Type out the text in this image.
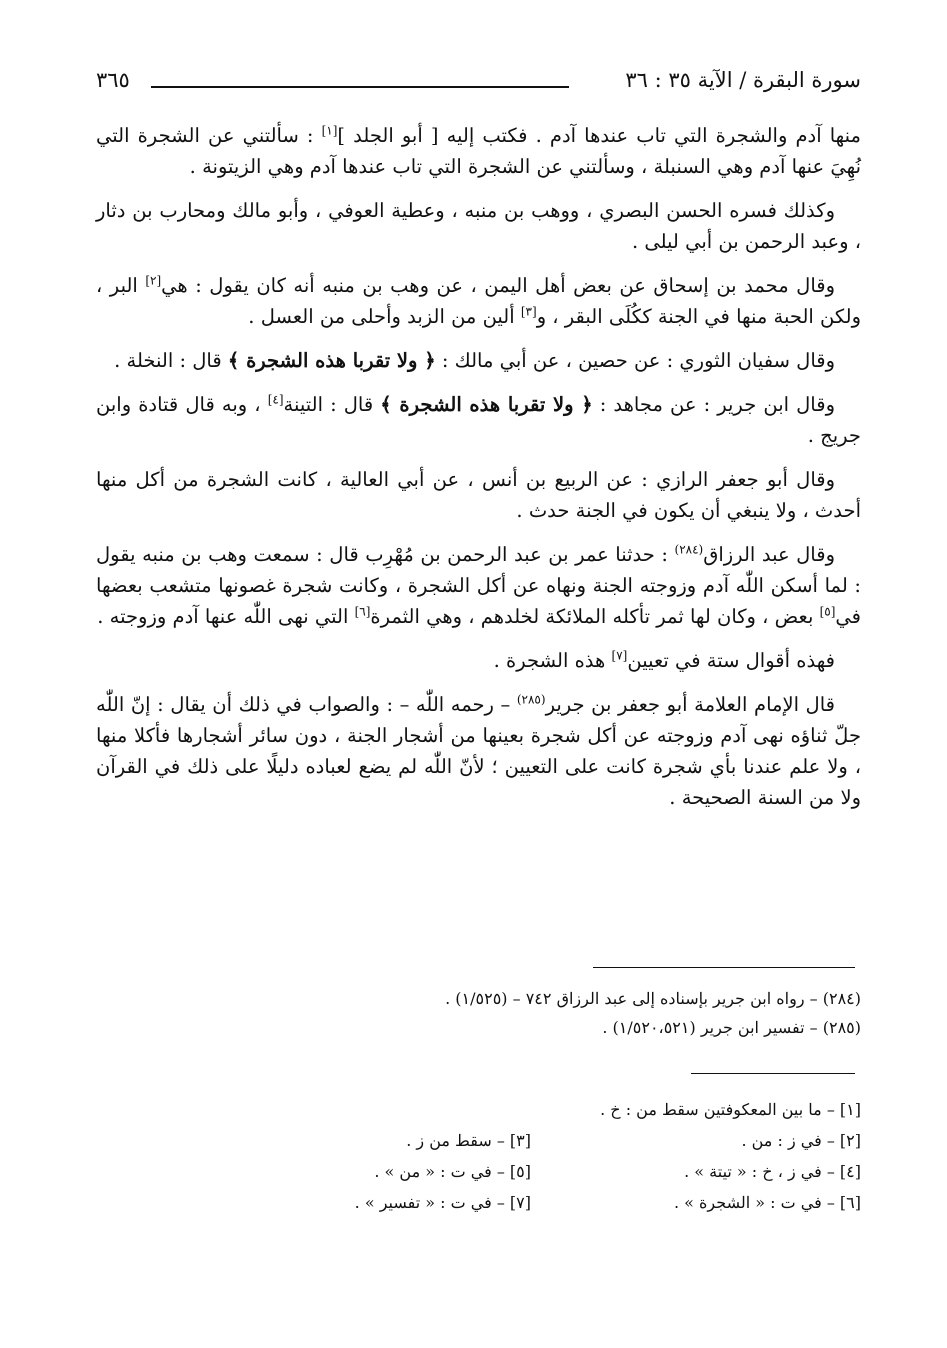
سورة البقرة / الآية ٣٥ : ٣٦
٣٦٥

منها آدم والشجرة التي تاب عندها آدم . فكتب إليه [ أبو الجلد ][١] : سألتني عن الشجرة التي نُهِيَ عنها آدم وهي السنبلة ، وسألتني عن الشجرة التي تاب عندها آدم وهي الزيتونة .

وكذلك فسره الحسن البصري ، ووهب بن منبه ، وعطية العوفي ، وأبو مالك ومحارب بن دثار ، وعبد الرحمن بن أبي ليلى .

وقال محمد بن إسحاق عن بعض أهل اليمن ، عن وهب بن منبه أنه كان يقول : هي[٢] البر ، ولكن الحبة منها في الجنة ككُلَى البقر ، و[٣] ألين من الزبد وأحلى من العسل .

وقال سفيان الثوري : عن حصين ، عن أبي مالك : ﴿ ولا تقربا هذه الشجرة ﴾ قال : النخلة .

وقال ابن جرير : عن مجاهد : ﴿ ولا تقربا هذه الشجرة ﴾ قال : التينة[٤] ، وبه قال قتادة وابن جريج .

وقال أبو جعفر الرازي : عن الربيع بن أنس ، عن أبي العالية ، كانت الشجرة من أكل منها أحدث ، ولا ينبغي أن يكون في الجنة حدث .

وقال عبد الرزاق$^{(٢٨٤)}$ : حدثنا عمر بن عبد الرحمن بن مُهْرِب قال : سمعت وهب بن منبه يقول : لما أسكن اللّٰه آدم وزوجته الجنة ونهاه عن أكل الشجرة ، وكانت شجرة غصونها متشعب بعضها في[٥] بعض ، وكان لها ثمر تأكله الملائكة لخلدهم ، وهي الثمرة[٦] التي نهى اللّٰه عنها آدم وزوجته .

فهذه أقوال ستة في تعيين[٧] هذه الشجرة .

قال الإمام العلامة أبو جعفر بن جرير$^{(٢٨٥)}$ – رحمه اللّٰه – : والصواب في ذلك أن يقال : إنّ اللّٰه جلّ ثناؤه نهى آدم وزوجته عن أكل شجرة بعينها من أشجار الجنة ، دون سائر أشجارها فأكلا منها ، ولا علم عندنا بأي شجرة كانت على التعيين ؛ لأنّ اللّٰه لم يضع لعباده دليلًا على ذلك في القرآن ولا من السنة الصحيحة .

(٢٨٤) – رواه ابن جرير بإسناده إلى عبد الرزاق ٧٤٢ – (١/٥٢٥) .
(٢٨٥) – تفسير ابن جرير (١/٥٢٠،٥٢١) .
[١] – ما بين المعكوفتين سقط من : خ .
[٢] – في ز : من .
[٣] – سقط من ز .
[٤] – في ز ، خ : « تيتة » .
[٥] – في ت : « من » .
[٦] – في ت : « الشجرة » .
[٧] – في ت : « تفسير » .
